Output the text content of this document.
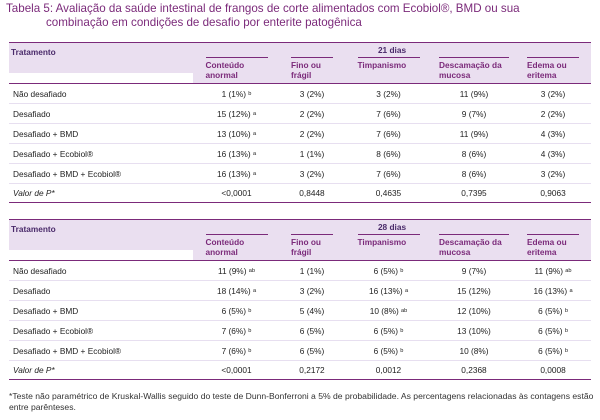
Tabela 5: Avaliação da saúde intestinal de frangos de corte alimentados com Ecobiol®, BMD ou sua
combinação em condições de desafio por enterite patogênica
	21 dias				
Tratamento	Conteúdo anormal	Fino ou frágil	Timpanismo	Descamação da mucosa	Edema ou eritema
Não desafiado	1 (1%) ᵇ	3 (2%)	3 (2%)	11 (9%)	3 (2%)
Desafiado	15 (12%) ᵃ	2 (2%)	7 (6%)	9 (7%)	2 (2%)
Desafiado + BMD	13 (10%) ᵃ	2 (2%)	7 (6%)	11 (9%)	4 (3%)
Desafiado + Ecobiol®	16 (13%) ᵃ	1 (1%)	8 (6%)	8 (6%)	4 (3%)
Desafiado + BMD + Ecobiol®	16 (13%) ᵃ	3 (2%)	7 (6%)	8 (6%)	3 (2%)
Valor de P*	<0,0001	0,8448	0,4635	0,7395	0,9063
	28 dias				
Tratamento	Conteúdo anormal	Fino ou frágil	Timpanismo	Descamação da mucosa	Edema ou eritema
Não desafiado	11 (9%) ᵃᵇ	1 (1%)	6 (5%) ᵇ	9 (7%)	11 (9%) ᵃᵇ
Desafiado	18 (14%) ᵃ	3 (2%)	16 (13%) ᵃ	15 (12%)	16 (13%) ᵃ
Desafiado + BMD	6 (5%) ᵇ	5 (4%)	10 (8%) ᵃᵇ	12 (10%)	6 (5%) ᵇ
Desafiado + Ecobiol®	7 (6%) ᵇ	6 (5%)	6 (5%) ᵇ	13 (10%)	6 (5%) ᵇ
Desafiado + BMD + Ecobiol®	7 (6%) ᵇ	6 (5%)	6 (5%) ᵇ	10 (8%)	6 (5%) ᵇ
Valor de P*	<0,0001	0,2172	0,0012	0,2368	0,0008
*Teste não paramétrico de Kruskal-Wallis seguido do teste de Dunn-Bonferroni a 5% de probabilidade. As percentagens relacionadas às contagens estão entre parênteses.
